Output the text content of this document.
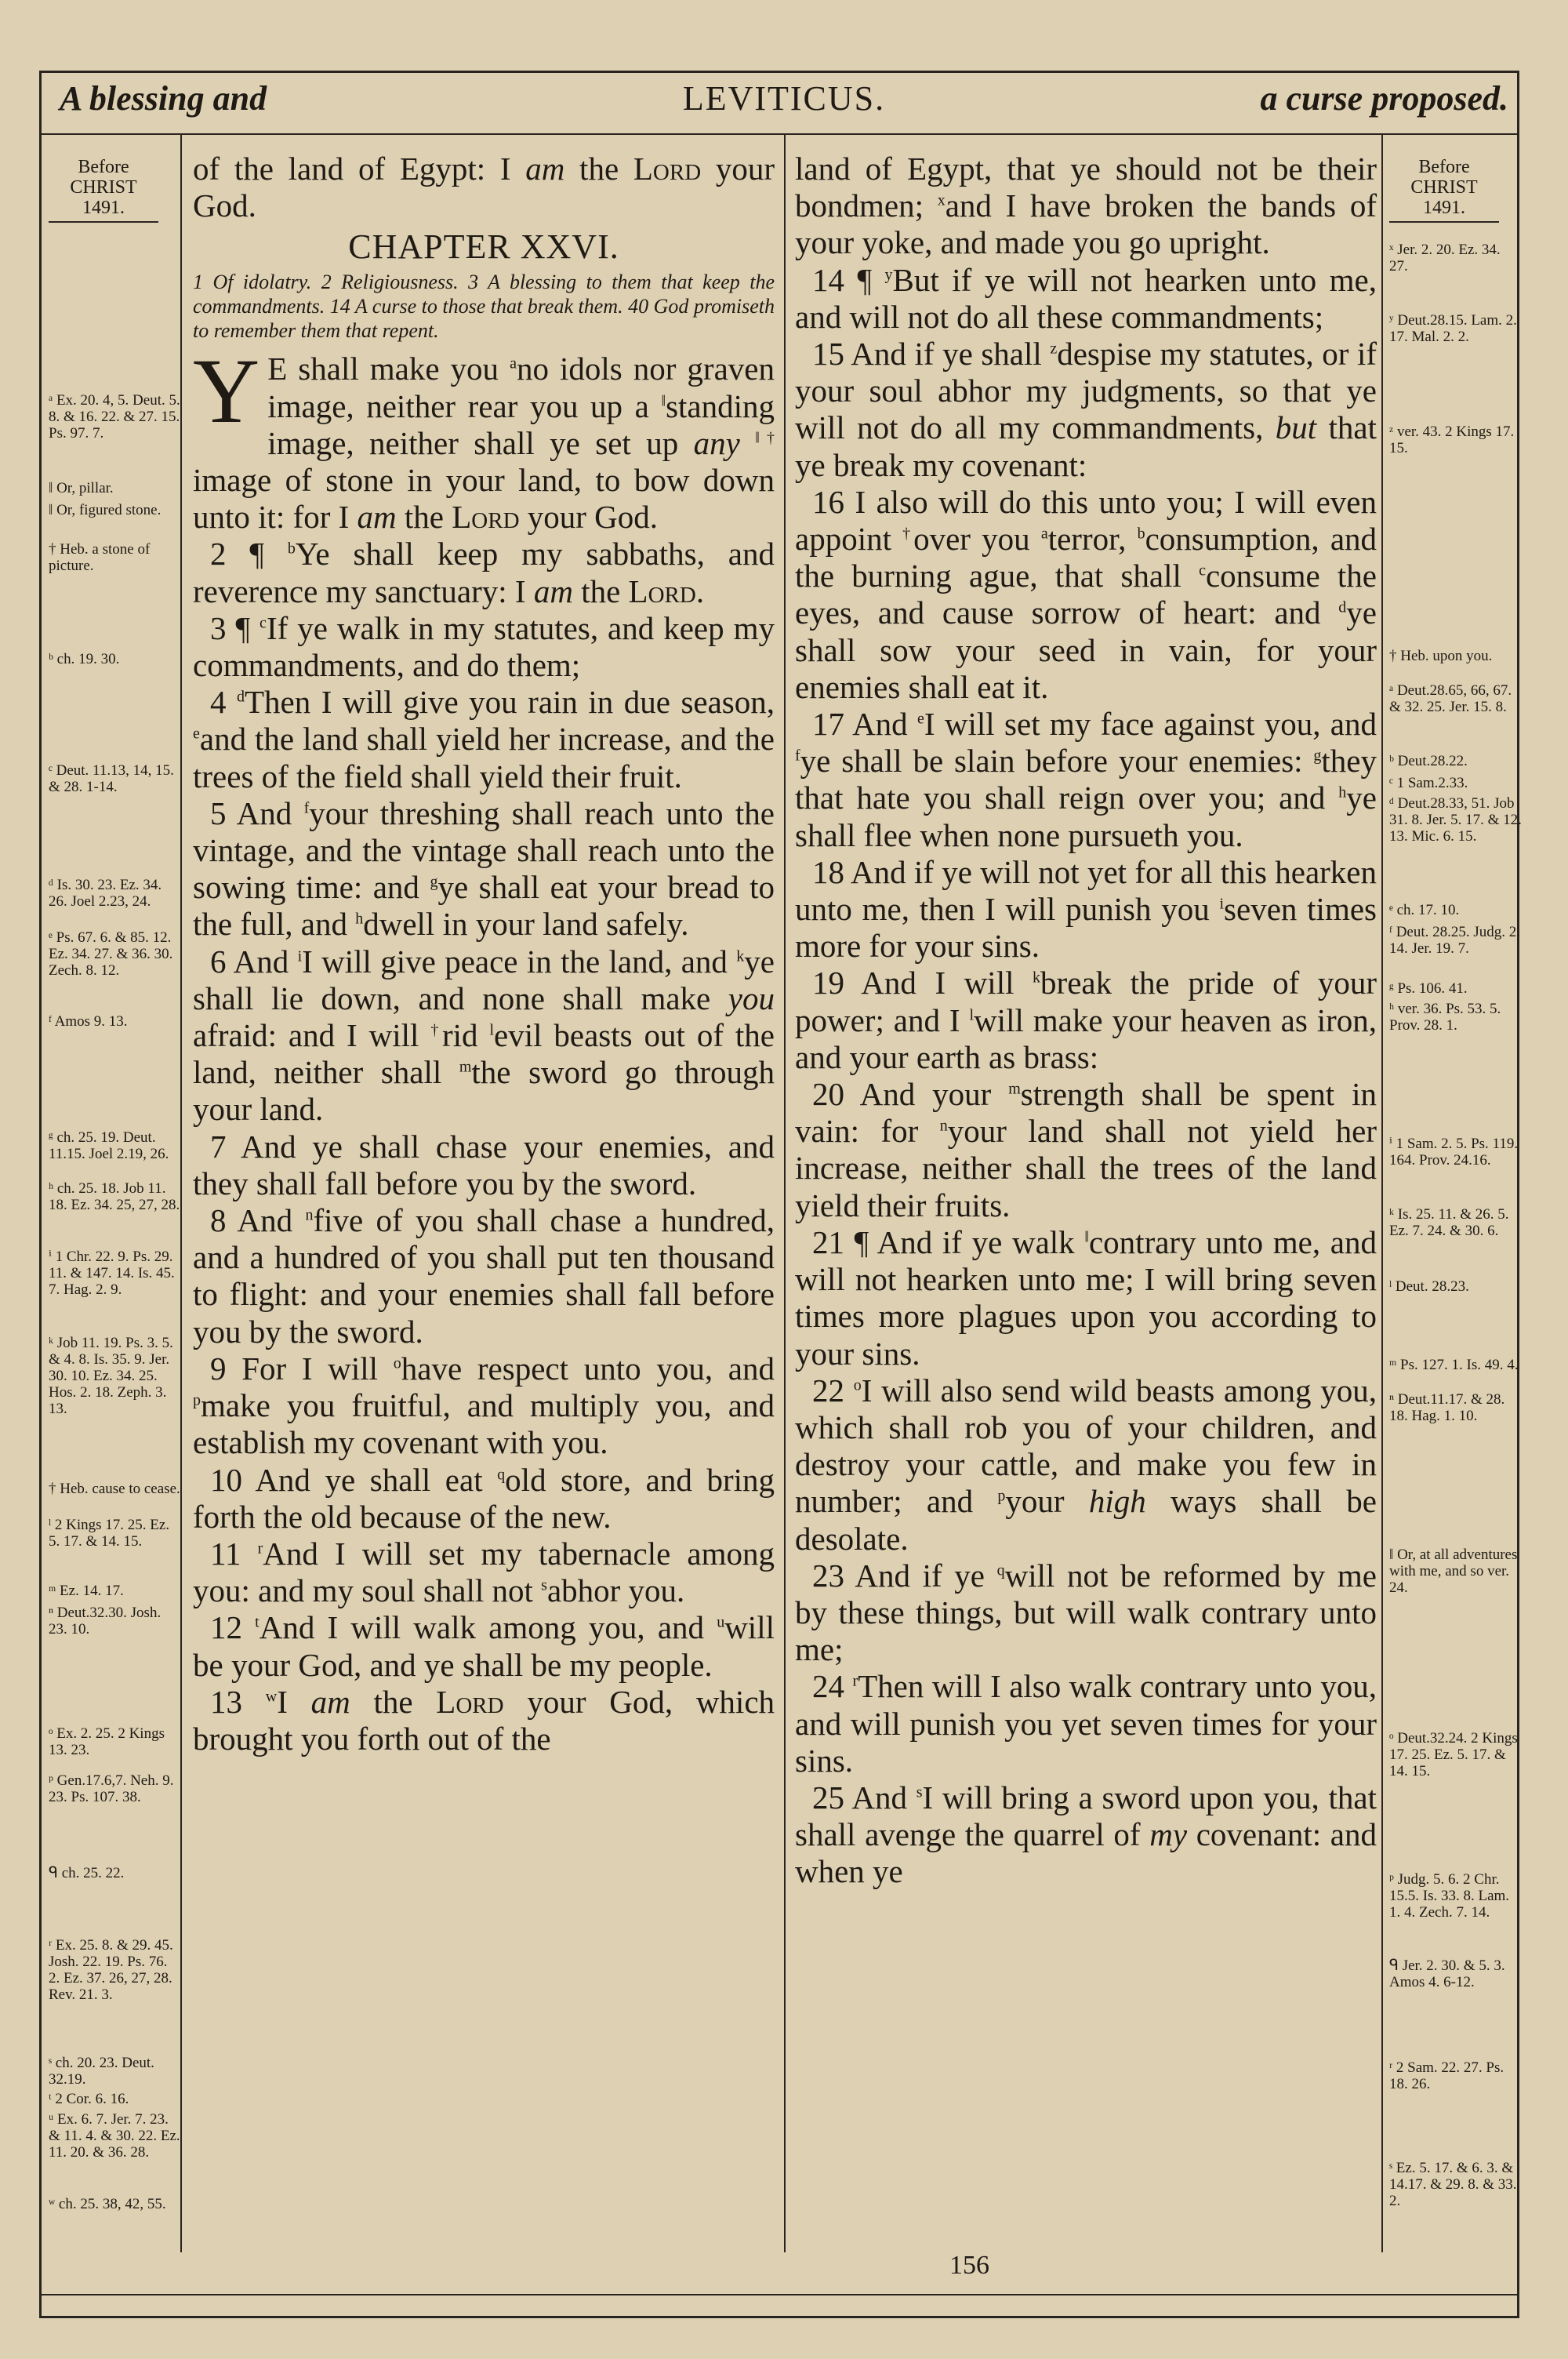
LEVITICUS.
A blessing and	a curse proposed.
Before
CHRIST
1491.
ᵃ Ex. 20. 4, 5. Deut. 5. 8. & 16. 22. & 27. 15. Ps. 97. 7.
‖ Or, pillar.
‖ Or, figured stone.
† Heb. a stone of picture.
ᵇ ch. 19. 30.
ᶜ Deut. 11.13, 14, 15. & 28. 1-14.
ᵈ Is. 30. 23. Ez. 34. 26. Joel 2.23, 24.
ᵉ Ps. 67. 6. & 85. 12. Ez. 34. 27. & 36. 30. Zech. 8. 12.
ᶠ Amos 9. 13.
ᵍ ch. 25. 19. Deut. 11.15. Joel 2.19, 26.
ʰ ch. 25. 18. Job 11. 18. Ez. 34. 25, 27, 28.
ⁱ 1 Chr. 22. 9. Ps. 29. 11. & 147. 14. Is. 45. 7. Hag. 2. 9.
ᵏ Job 11. 19. Ps. 3. 5. & 4. 8. Is. 35. 9. Jer. 30. 10. Ez. 34. 25. Hos. 2. 18. Zeph. 3. 13.
† Heb. cause to cease.
ˡ 2 Kings 17. 25. Ez. 5. 17. & 14. 15.
ᵐ Ez. 14. 17.
ⁿ Deut.32.30. Josh. 23. 10.
ᵒ Ex. 2. 25. 2 Kings 13. 23.
ᵖ Gen.17.6,7. Neh. 9. 23. Ps. 107. 38.
ᑫ ch. 25. 22.
ʳ Ex. 25. 8. & 29. 45. Josh. 22. 19. Ps. 76. 2. Ez. 37. 26, 27, 28. Rev. 21. 3.
ˢ ch. 20. 23. Deut. 32.19.
ᵗ 2 Cor. 6. 16.
ᵘ Ex. 6. 7. Jer. 7. 23. & 11. 4. & 30. 22. Ez. 11. 20. & 36. 28.
ʷ ch. 25. 38, 42, 55.
Before
CHRIST
1491.
ˣ Jer. 2. 20. Ez. 34. 27.
ʸ Deut.28.15. Lam. 2. 17. Mal. 2. 2.
ᶻ ver. 43. 2 Kings 17. 15.
† Heb. upon you.
ᵃ Deut.28.65, 66, 67. & 32. 25. Jer. 15. 8.
ᵇ Deut.28.22.
ᶜ 1 Sam.2.33.
ᵈ Deut.28.33, 51. Job 31. 8. Jer. 5. 17. & 12. 13. Mic. 6. 15.
ᵉ ch. 17. 10.
ᶠ Deut. 28.25. Judg. 2. 14. Jer. 19. 7.
ᵍ Ps. 106. 41.
ʰ ver. 36. Ps. 53. 5. Prov. 28. 1.
ⁱ 1 Sam. 2. 5. Ps. 119. 164. Prov. 24.16.
ᵏ Is. 25. 11. & 26. 5. Ez. 7. 24. & 30. 6.
ˡ Deut. 28.23.
ᵐ Ps. 127. 1. Is. 49. 4.
ⁿ Deut.11.17. & 28. 18. Hag. 1. 10.
‖ Or, at all adventures with me, and so ver. 24.
ᵒ Deut.32.24. 2 Kings 17. 25. Ez. 5. 17. & 14. 15.
ᵖ Judg. 5. 6. 2 Chr. 15.5. Is. 33. 8. Lam. 1. 4. Zech. 7. 14.
ᑫ Jer. 2. 30. & 5. 3. Amos 4. 6-12.
ʳ 2 Sam. 22. 27. Ps. 18. 26.
ˢ Ez. 5. 17. & 6. 3. & 14.17. & 29. 8. & 33. 2.

of the land of Egypt: I am the Lord your God.

CHAPTER XXVI.
1 Of idolatry. 2 Religiousness. 3 A blessing to them that keep the commandments. 14 A curse to those that break them. 40 God promiseth to remember them that repent.

Y E shall make you $^a$no idols nor graven image, neither rear you up a ‖standing image, neither shall ye set up any ‖† image of stone in your land, to bow down unto it: for I am the Lord your God.

2 ¶ $^b$Ye shall keep my sabbaths, and reverence my sanctuary: I am the Lord.

3 ¶ $^c$If ye walk in my statutes, and keep my commandments, and do them;

4 $^d$Then I will give you rain in due season, $^e$and the land shall yield her increase, and the trees of the field shall yield their fruit.

5 And $^f$your threshing shall reach unto the vintage, and the vintage shall reach unto the sowing time: and $^g$ye shall eat your bread to the full, and $^h$dwell in your land safely.

6 And $^i$I will give peace in the land, and $^k$ye shall lie down, and none shall make you afraid: and I will †rid $^l$evil beasts out of the land, neither shall $^m$the sword go through your land.

7 And ye shall chase your enemies, and they shall fall before you by the sword.

8 And $^n$five of you shall chase a hundred, and a hundred of you shall put ten thousand to flight: and your enemies shall fall before you by the sword.

9 For I will $^o$have respect unto you, and $^p$make you fruitful, and multiply you, and establish my covenant with you.

10 And ye shall eat $^q$old store, and bring forth the old because of the new.

11 $^r$And I will set my tabernacle among you: and my soul shall not $^s$abhor you.

12 $^t$And I will walk among you, and $^u$will be your God, and ye shall be my people.

13 $^w$I am the Lord your God, which brought you forth out of the

land of Egypt, that ye should not be their bondmen; $^x$and I have broken the bands of your yoke, and made you go upright.

14 ¶ $^y$But if ye will not hearken unto me, and will not do all these commandments;

15 And if ye shall $^z$despise my statutes, or if your soul abhor my judgments, so that ye will not do all my commandments, but that ye break my covenant:

16 I also will do this unto you; I will even appoint †over you $^a$terror, $^b$consumption, and the burning ague, that shall $^c$consume the eyes, and cause sorrow of heart: and $^d$ye shall sow your seed in vain, for your enemies shall eat it.

17 And $^e$I will set my face against you, and $^f$ye shall be slain before your enemies: $^g$they that hate you shall reign over you; and $^h$ye shall flee when none pursueth you.

18 And if ye will not yet for all this hearken unto me, then I will punish you $^i$seven times more for your sins.

19 And I will $^k$break the pride of your power; and I $^l$will make your heaven as iron, and your earth as brass:

20 And your $^m$strength shall be spent in vain: for $^n$your land shall not yield her increase, neither shall the trees of the land yield their fruits.

21 ¶ And if ye walk ‖contrary unto me, and will not hearken unto me; I will bring seven times more plagues upon you according to your sins.

22 $^o$I will also send wild beasts among you, which shall rob you of your children, and destroy your cattle, and make you few in number; and $^p$your high ways shall be desolate.

23 And if ye $^q$will not be reformed by me by these things, but will walk contrary unto me;

24 $^r$Then will I also walk contrary unto you, and will punish you yet seven times for your sins.

25 And $^s$I will bring a sword upon you, that shall avenge the quarrel of my covenant: and when ye

156
